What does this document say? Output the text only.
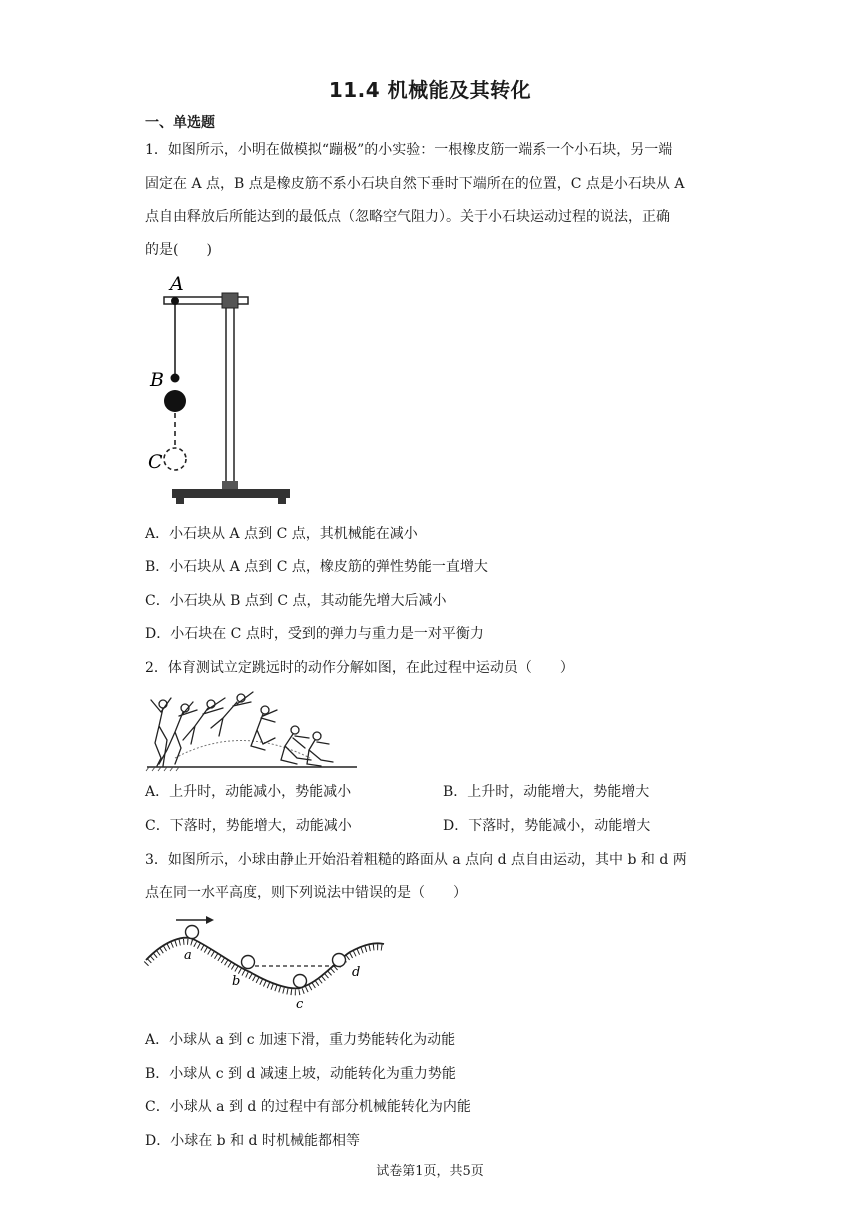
11.4 机械能及其转化
一、单选题
1．如图所示，小明在做模拟“蹦极”的小实验：一根橡皮筋一端系一个小石块，另一端
固定在 A 点，B 点是橡皮筋不系小石块自然下垂时下端所在的位置，C 点是小石块从 A
点自由释放后所能达到的最低点（忽略空气阻力）。关于小石块运动过程的说法，正确
的是(　　)
A
B
C
A．小石块从 A 点到 C 点，其机械能在减小
B．小石块从 A 点到 C 点，橡皮筋的弹性势能一直增大
C．小石块从 B 点到 C 点，其动能先增大后减小
D．小石块在 C 点时，受到的弹力与重力是一对平衡力
2．体育测试立定跳远时的动作分解如图，在此过程中运动员（　　）
A．上升时，动能减小，势能减小	B．上升时，动能增大，势能增大
C．下落时，势能增大，动能减小	D．下落时，势能减小，动能增大
3．如图所示，小球由静止开始沿着粗糙的路面从 a 点向 d 点自由运动，其中 b 和 d 两
点在同一水平高度，则下列说法中错误的是（　　）
a
b
c
d
A．小球从 a 到 c 加速下滑，重力势能转化为动能
B．小球从 c 到 d 减速上坡，动能转化为重力势能
C．小球从 a 到 d 的过程中有部分机械能转化为内能
D．小球在 b 和 d 时机械能都相等
试卷第1页，共5页
